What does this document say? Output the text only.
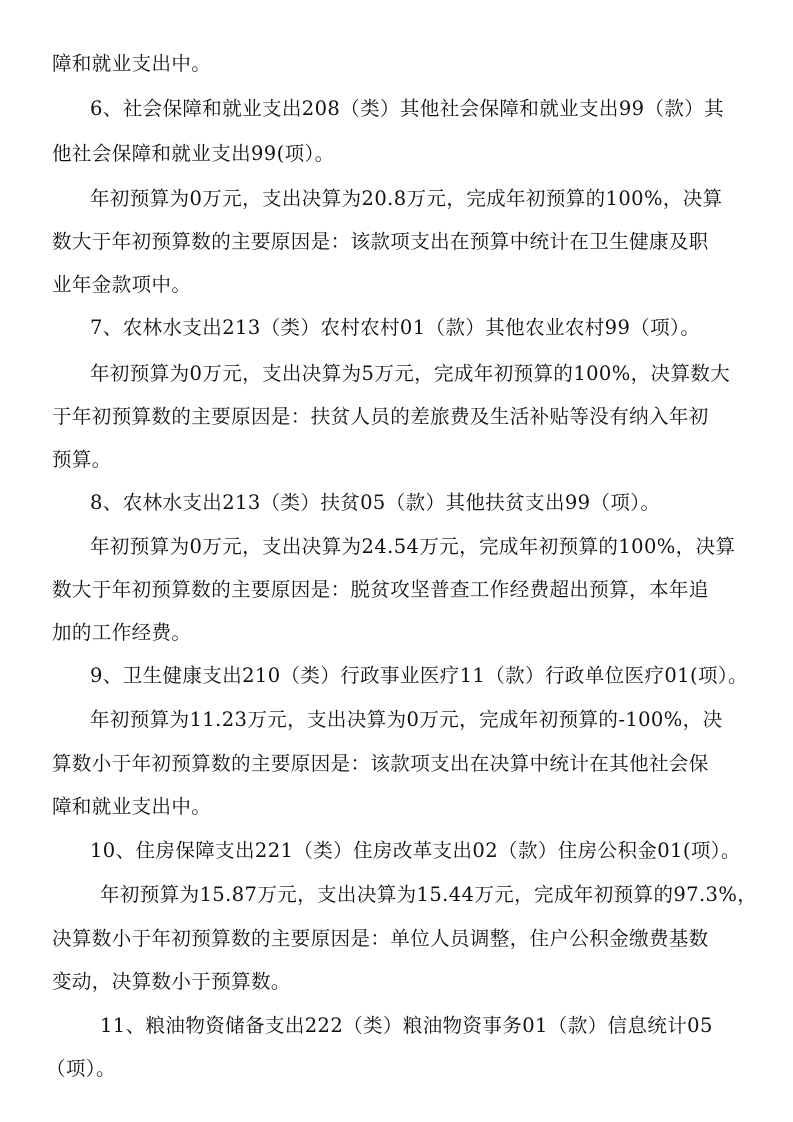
障和就业支出中。
6、社会保障和就业支出208（类）其他社会保障和就业支出99（款）其
他社会保障和就业支出99(项）。
年初预算为0万元，支出决算为20.8万元，完成年初预算的100%，决算
数大于年初预算数的主要原因是：该款项支出在预算中统计在卫生健康及职
业年金款项中。
7、农林水支出213（类）农村农村01（款）其他农业农村99（项）。
年初预算为0万元，支出决算为5万元，完成年初预算的100%，决算数大
于年初预算数的主要原因是：扶贫人员的差旅费及生活补贴等没有纳入年初
预算。
8、农林水支出213（类）扶贫05（款）其他扶贫支出99（项）。
年初预算为0万元，支出决算为24.54万元，完成年初预算的100%，决算
数大于年初预算数的主要原因是：脱贫攻坚普查工作经费超出预算，本年追
加的工作经费。
9、卫生健康支出210（类）行政事业医疗11（款）行政单位医疗01(项）。
年初预算为11.23万元，支出决算为0万元，完成年初预算的-100%，决
算数小于年初预算数的主要原因是：该款项支出在决算中统计在其他社会保
障和就业支出中。
10、住房保障支出221（类）住房改革支出02（款）住房公积金01(项）。
年初预算为15.87万元，支出决算为15.44万元，完成年初预算的97.3%，
决算数小于年初预算数的主要原因是：单位人员调整，住户公积金缴费基数
变动，决算数小于预算数。
11、粮油物资储备支出222（类）粮油物资事务01（款）信息统计05
（项）。
